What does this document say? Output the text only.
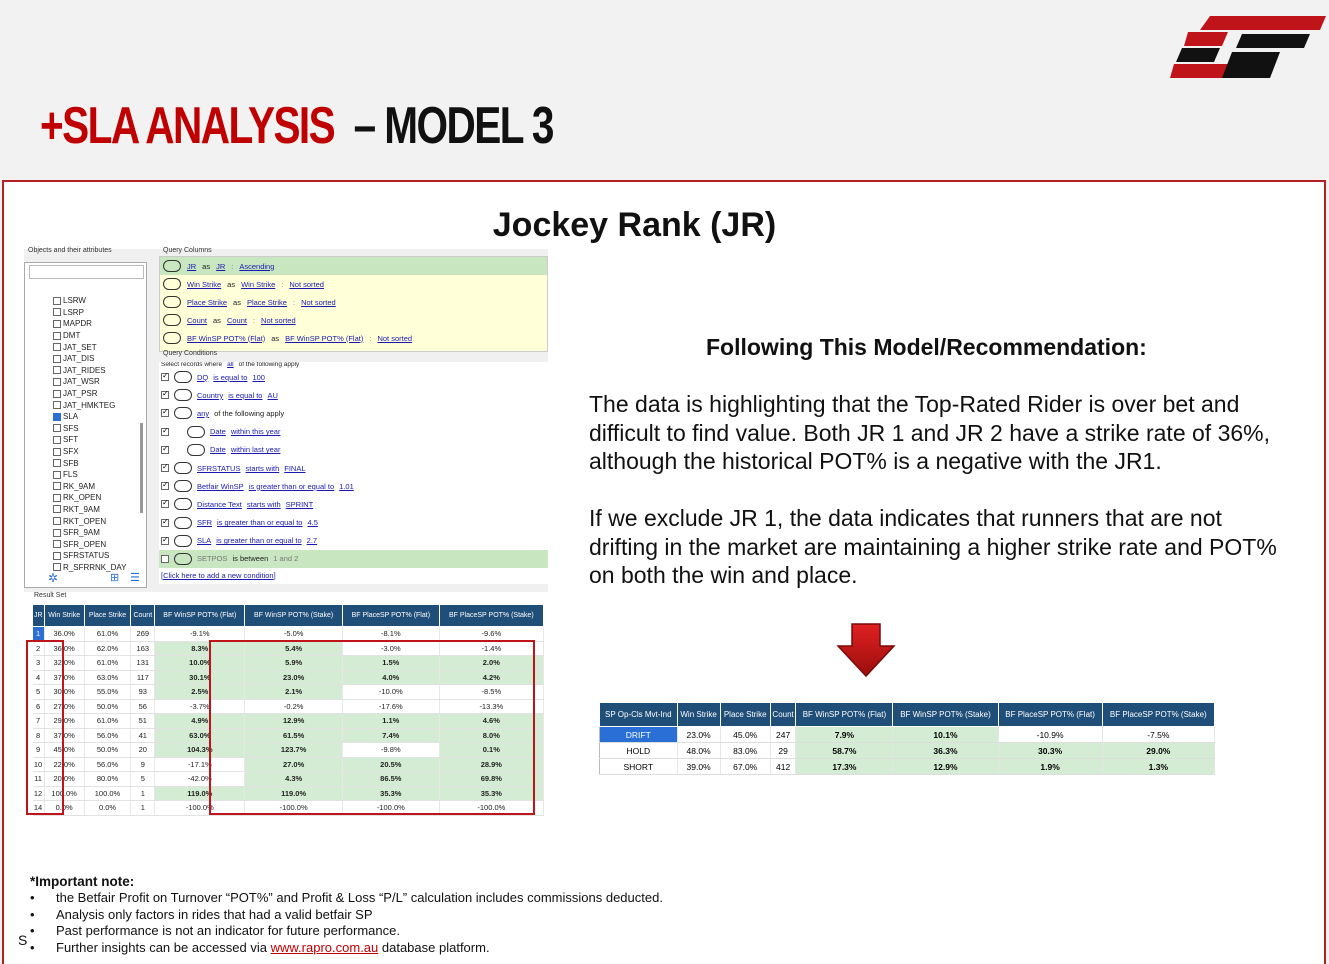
+SLA ANALYSIS – MODEL 3
Jockey Rank (JR)
Objects and their attributes
LSRW
LSRP
MAPDR
DMT
JAT_SET
JAT_DIS
JAT_RIDES
JAT_WSR
JAT_PSR
JAT_HMKTEG
SLA
SFS
SFT
SFX
SFB
FLS
RK_9AM
RK_OPEN
RKT_9AM
RKT_OPEN
SFR_9AM
SFR_OPEN
SFRSTATUS
R_SFRRNK_DAY
✲	⊞ ☰
Query Columns
JR as JR : Ascending
Win Strike as Win Strike : Not sorted
Place Strike as Place Strike : Not sorted
Count as Count : Not sorted
BF WinSP POT% (Flat) as BF WinSP POT% (Flat) : Not sorted
Query Conditions
Select records where all of the following apply
✓
DQ is equal to 100
✓
Country is equal to AU
✓
any of the following apply
✓
Date within this year
✓
Date within last year
✓
SFRSTATUS starts with FINAL
✓
Betfair WinSP is greater than or equal to 1.01
✓
Distance Text starts with SPRINT
✓
SFR is greater than or equal to 4.5
✓
SLA is greater than or equal to 2.7
SETPOS is between 1 and 2
[Click here to add a new condition]
Result Set
JR	Win Strike	Place Strike	Count	BF WinSP POT% (Flat)	BF WinSP POT% (Stake)	BF PlaceSP POT% (Flat)	BF PlaceSP POT% (Stake)
1	36.0%	61.0%	269	-9.1%	-5.0%	-8.1%	-9.6%
2	36.0%	62.0%	163	8.3%	5.4%	-3.0%	-1.4%
3	32.0%	61.0%	131	10.0%	5.9%	1.5%	2.0%
4	37.0%	63.0%	117	30.1%	23.0%	4.0%	4.2%
5	30.0%	55.0%	93	2.5%	2.1%	-10.0%	-8.5%
6	27.0%	50.0%	56	-3.7%	-0.2%	-17.6%	-13.3%
7	29.0%	61.0%	51	4.9%	12.9%	1.1%	4.6%
8	37.0%	56.0%	41	63.0%	61.5%	7.4%	8.0%
9	45.0%	50.0%	20	104.3%	123.7%	-9.8%	0.1%
10	22.0%	56.0%	9	-17.1%	27.0%	20.5%	28.9%
11	20.0%	80.0%	5	-42.0%	4.3%	86.5%	69.8%
12	100.0%	100.0%	1	119.0%	119.0%	35.3%	35.3%
14	0.0%	0.0%	1	-100.0%	-100.0%	-100.0%	-100.0%
Following This Model/Recommendation:
The data is highlighting that the Top-Rated Rider is over bet and difficult to find value. Both JR 1 and JR 2 have a strike rate of 36%, although the historical POT% is a negative with the JR1.
If we exclude JR 1, the data indicates that runners that are not drifting in the market are maintaining a higher strike rate and POT% on both the win and place.
SP Op-Cls Mvt-Ind	Win Strike	Place Strike	Count	BF WinSP POT% (Flat)	BF WinSP POT% (Stake)	BF PlaceSP POT% (Flat)	BF PlaceSP POT% (Stake)
DRIFT	23.0%	45.0%	247	7.9%	10.1%	-10.9%	-7.5%
HOLD	48.0%	83.0%	29	58.7%	36.3%	30.3%	29.0%
SHORT	39.0%	67.0%	412	17.3%	12.9%	1.9%	1.3%
*Important note:
• the Betfair Profit on Turnover “POT%” and Profit & Loss “P/L” calculation includes commissions deducted.
• Analysis only factors in rides that had a valid betfair SP
• Past performance is not an indicator for future performance.
• Further insights can be accessed via www.rapro.com.au database platform.
S
